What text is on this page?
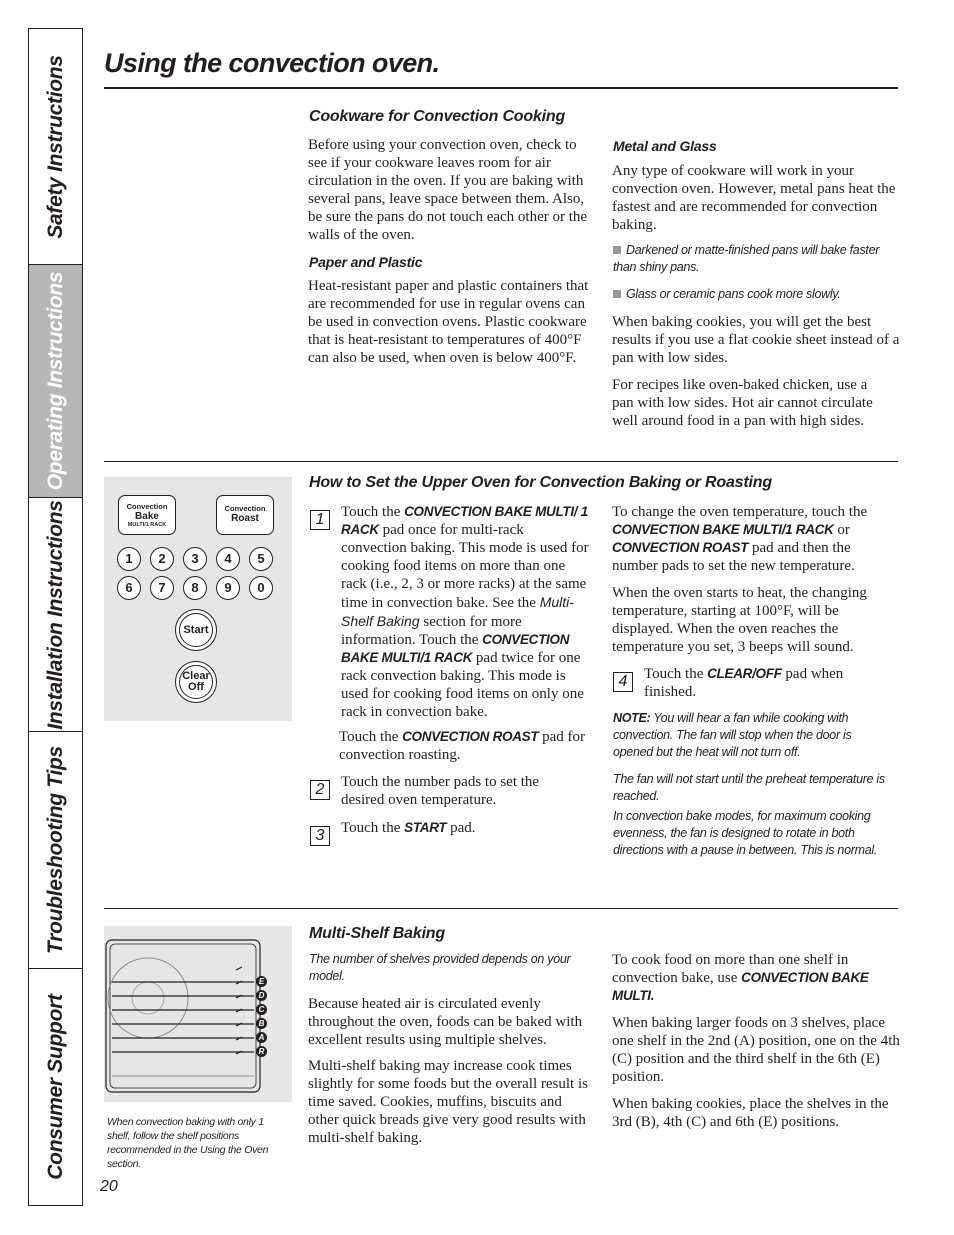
Safety Instructions
Operating Instructions
Installation Instructions
Troubleshooting Tips
Consumer Support
Using the convection oven.
Cookware for Convection Cooking

Before using your convection oven, check to see if your cookware leaves room for air circulation in the oven. If you are baking with several pans, leave space between them. Also, be sure the pans do not touch each other or the walls of the oven.

Paper and Plastic

Heat-resistant paper and plastic containers that are recommended for use in regular ovens can be used in convection ovens. Plastic cookware that is heat-resistant to temperatures of 400°F can also be used, when oven is below 400°F.

Metal and Glass

Any type of cookware will work in your convection oven. However, metal pans heat the fastest and are recommended for convection baking.

Darkened or matte-finished pans will bake faster than shiny pans.

Glass or ceramic pans cook more slowly.

When baking cookies, you will get the best results if you use a flat cookie sheet instead of a pan with low sides.

For recipes like oven-baked chicken, use a pan with low sides. Hot air cannot circulate well around food in a pan with high sides.

Convection
Bake
MULTI/1 RACK
Convection
Roast
1	2	3	4	5
6	7	8	9	0
Start
Clear
Off
How to Set the Upper Oven for Convection Baking or Roasting
1	Touch the CONVECTION BAKE MULTI/ 1 RACK pad once for multi-rack convection baking. This mode is used for cooking food items on more than one rack (i.e., 2, 3 or more racks) at the same time in convection bake. See the Multi-Shelf Baking section for more information. Touch the CONVECTION BAKE MULTI/1 RACK pad twice for one rack convection baking. This mode is used for cooking food items on only one rack in convection bake.

Touch the CONVECTION ROAST pad for convection roasting.

2	Touch the number pads to set the desired oven temperature.

3	Touch the START pad.

To change the oven temperature, touch the CONVECTION BAKE MULTI/1 RACK or CONVECTION ROAST pad and then the number pads to set the new temperature.

When the oven starts to heat, the changing temperature, starting at 100°F, will be displayed. When the oven reaches the temperature you set, 3 beeps will sound.

4	Touch the CLEAR/OFF pad when finished.

NOTE: You will hear a fan while cooking with convection. The fan will stop when the door is opened but the heat will not turn off.

The fan will not start until the preheat temperature is reached.

In convection bake modes, for maximum cooking evenness, the fan is designed to rotate in both directions with a pause in between. This is normal.

E
D
C
B
A
R

When convection baking with only 1 shelf, follow the shelf positions recommended in the Using the Oven section.

Multi-Shelf Baking

The number of shelves provided depends on your model.

Because heated air is circulated evenly throughout the oven, foods can be baked with excellent results using multiple shelves.

Multi-shelf baking may increase cook times slightly for some foods but the overall result is time saved. Cookies, muffins, biscuits and other quick breads give very good results with multi-shelf baking.

To cook food on more than one shelf in convection bake, use CONVECTION BAKE MULTI.

When baking larger foods on 3 shelves, place one shelf in the 2nd (A) position, one on the 4th (C) position and the third shelf in the 6th (E) position.

When baking cookies, place the shelves in the 3rd (B), 4th (C) and 6th (E) positions.

20
